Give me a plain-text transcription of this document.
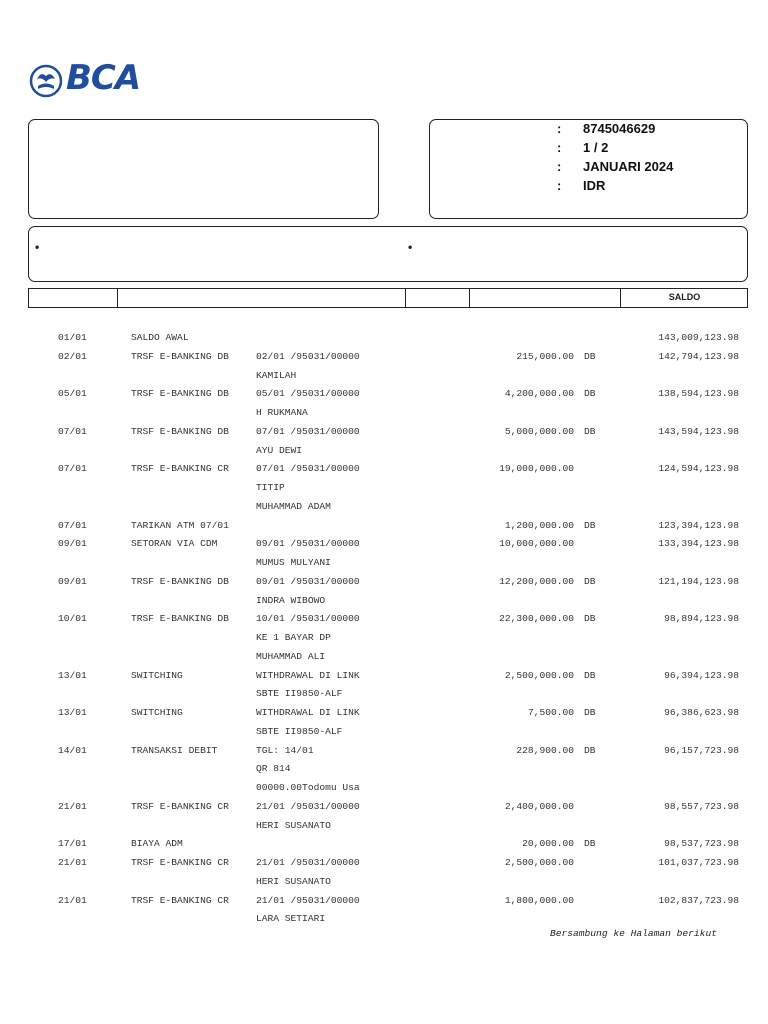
BCA
: 8745046629
: 1 / 2
: JANUARI 2024
: IDR
•	•
SALDO
01/01	SALDO AWAL	143,009,123.98
02/01	TRSF E-BANKING DB	02/01 /95031/00000	215,000.00 DB	142,794,123.98
KAMILAH
05/01	TRSF E-BANKING DB	05/01 /95031/00000	4,200,000.00 DB	138,594,123.98
H RUKMANA
07/01	TRSF E-BANKING DB	07/01 /95031/00000	5,000,000.00 DB	143,594,123.98
AYU DEWI
07/01	TRSF E-BANKING CR	07/01 /95031/00000	19,000,000.00	124,594,123.98
TITIP
MUHAMMAD ADAM
07/01	TARIKAN ATM 07/01	1,200,000.00 DB	123,394,123.98
09/01	SETORAN VIA CDM	09/01 /95031/00000	10,000,000.00	133,394,123.98
MUMUS MULYANI
09/01	TRSF E-BANKING DB	09/01 /95031/00000	12,200,000.00 DB	121,194,123.98
INDRA WIBOWO
10/01	TRSF E-BANKING DB	10/01 /95031/00000	22,300,000.00 DB	98,894,123.98
KE 1 BAYAR DP
MUHAMMAD ALI
13/01	SWITCHING	WITHDRAWAL DI LINK	2,500,000.00 DB	96,394,123.98
SBTE II9850-ALF
13/01	SWITCHING	WITHDRAWAL DI LINK	7,500.00 DB	96,386,623.98
SBTE II9850-ALF
14/01	TRANSAKSI DEBIT	TGL: 14/01	228,900.00 DB	96,157,723.98
QR 814
00000.00Todomu Usa
21/01	TRSF E-BANKING CR	21/01 /95031/00000	2,400,000.00	98,557,723.98
HERI SUSANATO
17/01	BIAYA ADM	20,000.00 DB	98,537,723.98
21/01	TRSF E-BANKING CR	21/01 /95031/00000	2,500,000.00	101,037,723.98
HERI SUSANATO
21/01	TRSF E-BANKING CR	21/01 /95031/00000	1,800,000.00	102,837,723.98
LARA SETIARI
Bersambung ke Halaman berikut
